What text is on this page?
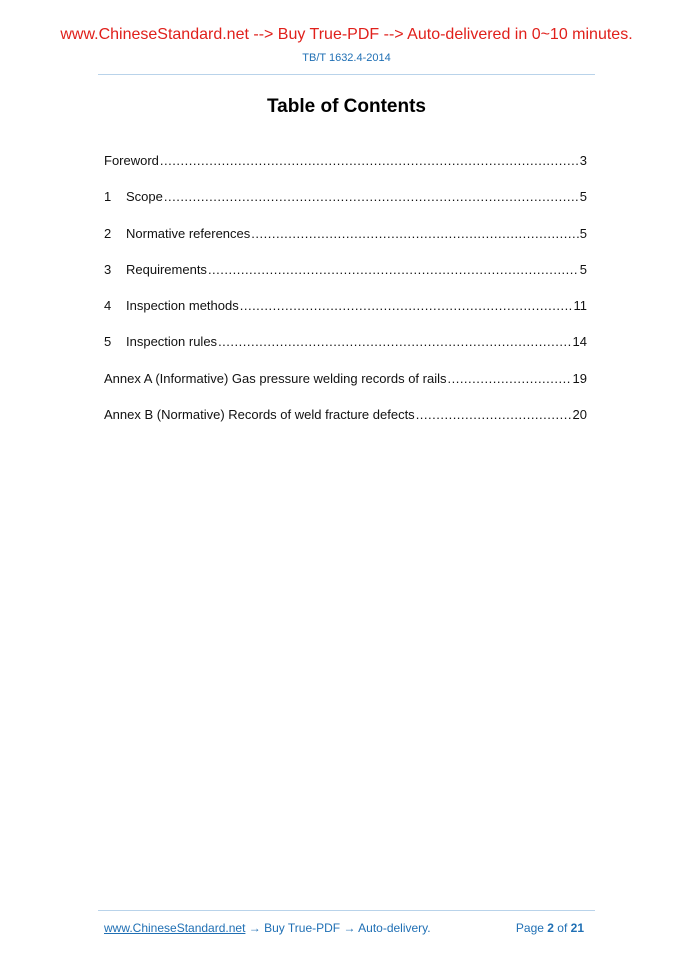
www.ChineseStandard.net --> Buy True-PDF --> Auto-delivered in 0~10 minutes.
TB/T 1632.4-2014
Table of Contents
Foreword .....	3
1	Scope .....	5
2	Normative references .....	5
3	Requirements .....	5
4	Inspection methods .....	11
5	Inspection rules .....	14
Annex A (Informative) Gas pressure welding records of rails .....	19
Annex B (Normative) Records of weld fracture defects .....	20
www.ChineseStandard.net → Buy True-PDF → Auto-delivery.	Page 2 of 21
